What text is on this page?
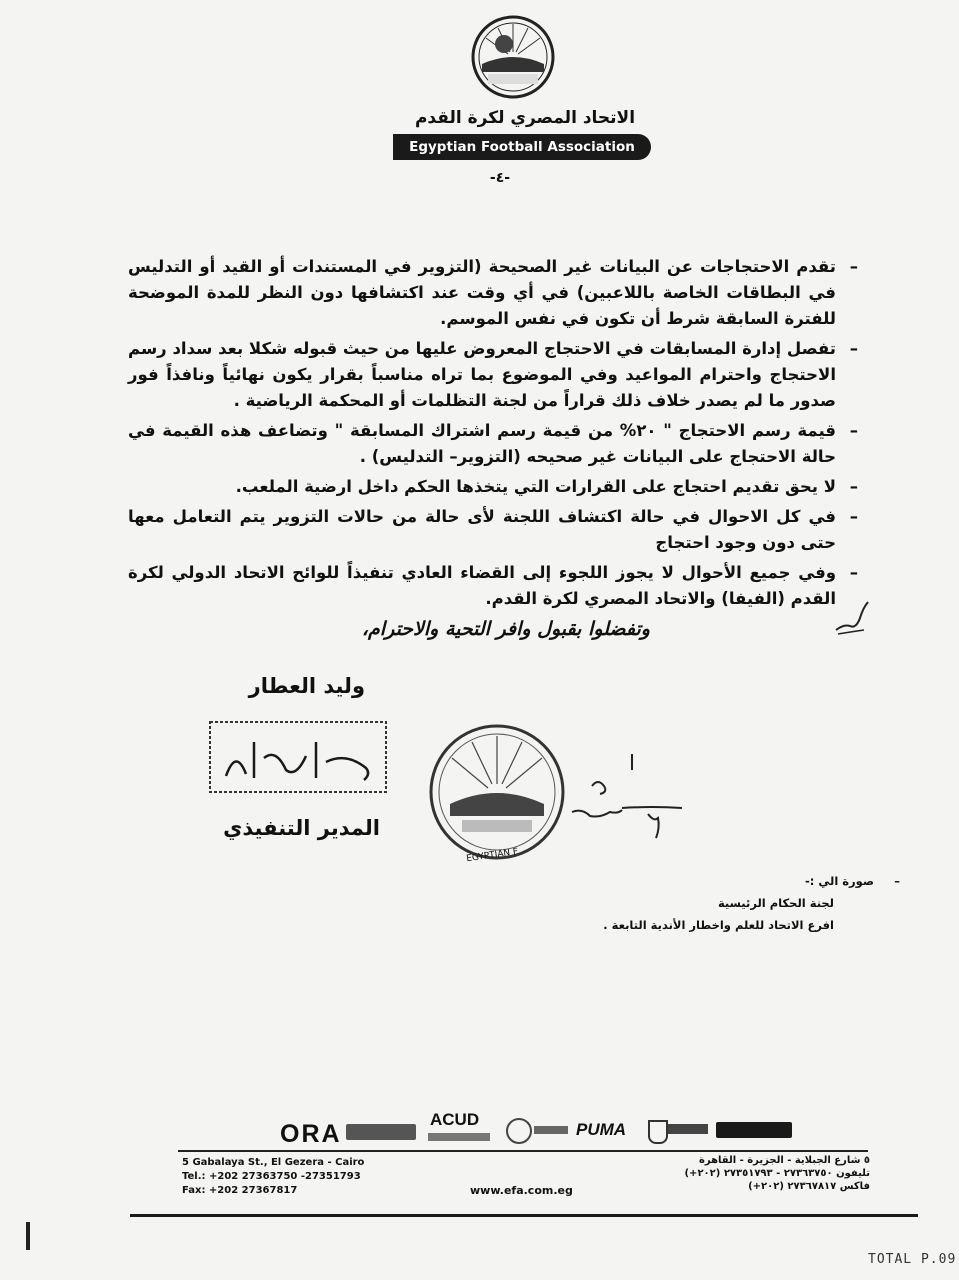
الاتحاد المصري لكرة القدم
Egyptian Football Association
-٤-
– تقدم الاحتجاجات عن البيانات غير الصحيحة (التزوير في المستندات أو القيد أو التدليس في البطاقات الخاصة باللاعبين) في أي وقت عند اكتشافها دون النظر للمدة الموضحة للفترة السابقة شرط أن تكون في نفس الموسم.
– تفصل إدارة المسابقات في الاحتجاج المعروض عليها من حيث قبوله شكلا بعد سداد رسم الاحتجاج واحترام المواعيد وفي الموضوع بما تراه مناسباً بقرار يكون نهائياً ونافذاً فور صدور ما لم يصدر خلاف ذلك قراراً من لجنة التظلمات أو المحكمة الرياضية .
– قيمة رسم الاحتجاج " ٢٠% من قيمة رسم اشتراك المسابقة " وتضاعف هذه القيمة في حالة الاحتجاج على البيانات غير صحيحه (التزوير– التدليس) .
– لا يحق تقديم احتجاج على القرارات التي يتخذها الحكم داخل ارضية الملعب.
– في كل الاحوال في حالة اكتشاف اللجنة لأى حالة من حالات التزوير يتم التعامل معها حتى دون وجود احتجاج
– وفي جميع الأحوال لا يجوز اللجوء إلى القضاء العادي تنفيذاً للوائح الاتحاد الدولي لكرة القدم (الفيفا) والاتحاد المصري لكرة القدم.
وتفضلوا بقبول وافر التحية والاحترام،
وليد العطار
EGYPTIAN F
المدير التنفيذي
– صورة الي :-
لجنة الحكام الرئيسية
افرع الاتحاد للعلم واخطار الأندية التابعة .
ORA
ACUD
PUMA
5 Gabalaya St., El Gezera - Cairo
Tel.: +202 27363750 -27351793
Fax: +202 27367817	www.efa.com.eg
٥ شارع الجبلاية - الجزيرة - القاهرة
تليفون ٢٧٣٦٣٧٥٠ - ٢٧٣٥١٧٩٣ (٢٠٢+)
فاكس ٢٧٣٦٧٨١٧ (٢٠٢+)
TOTAL P.09
